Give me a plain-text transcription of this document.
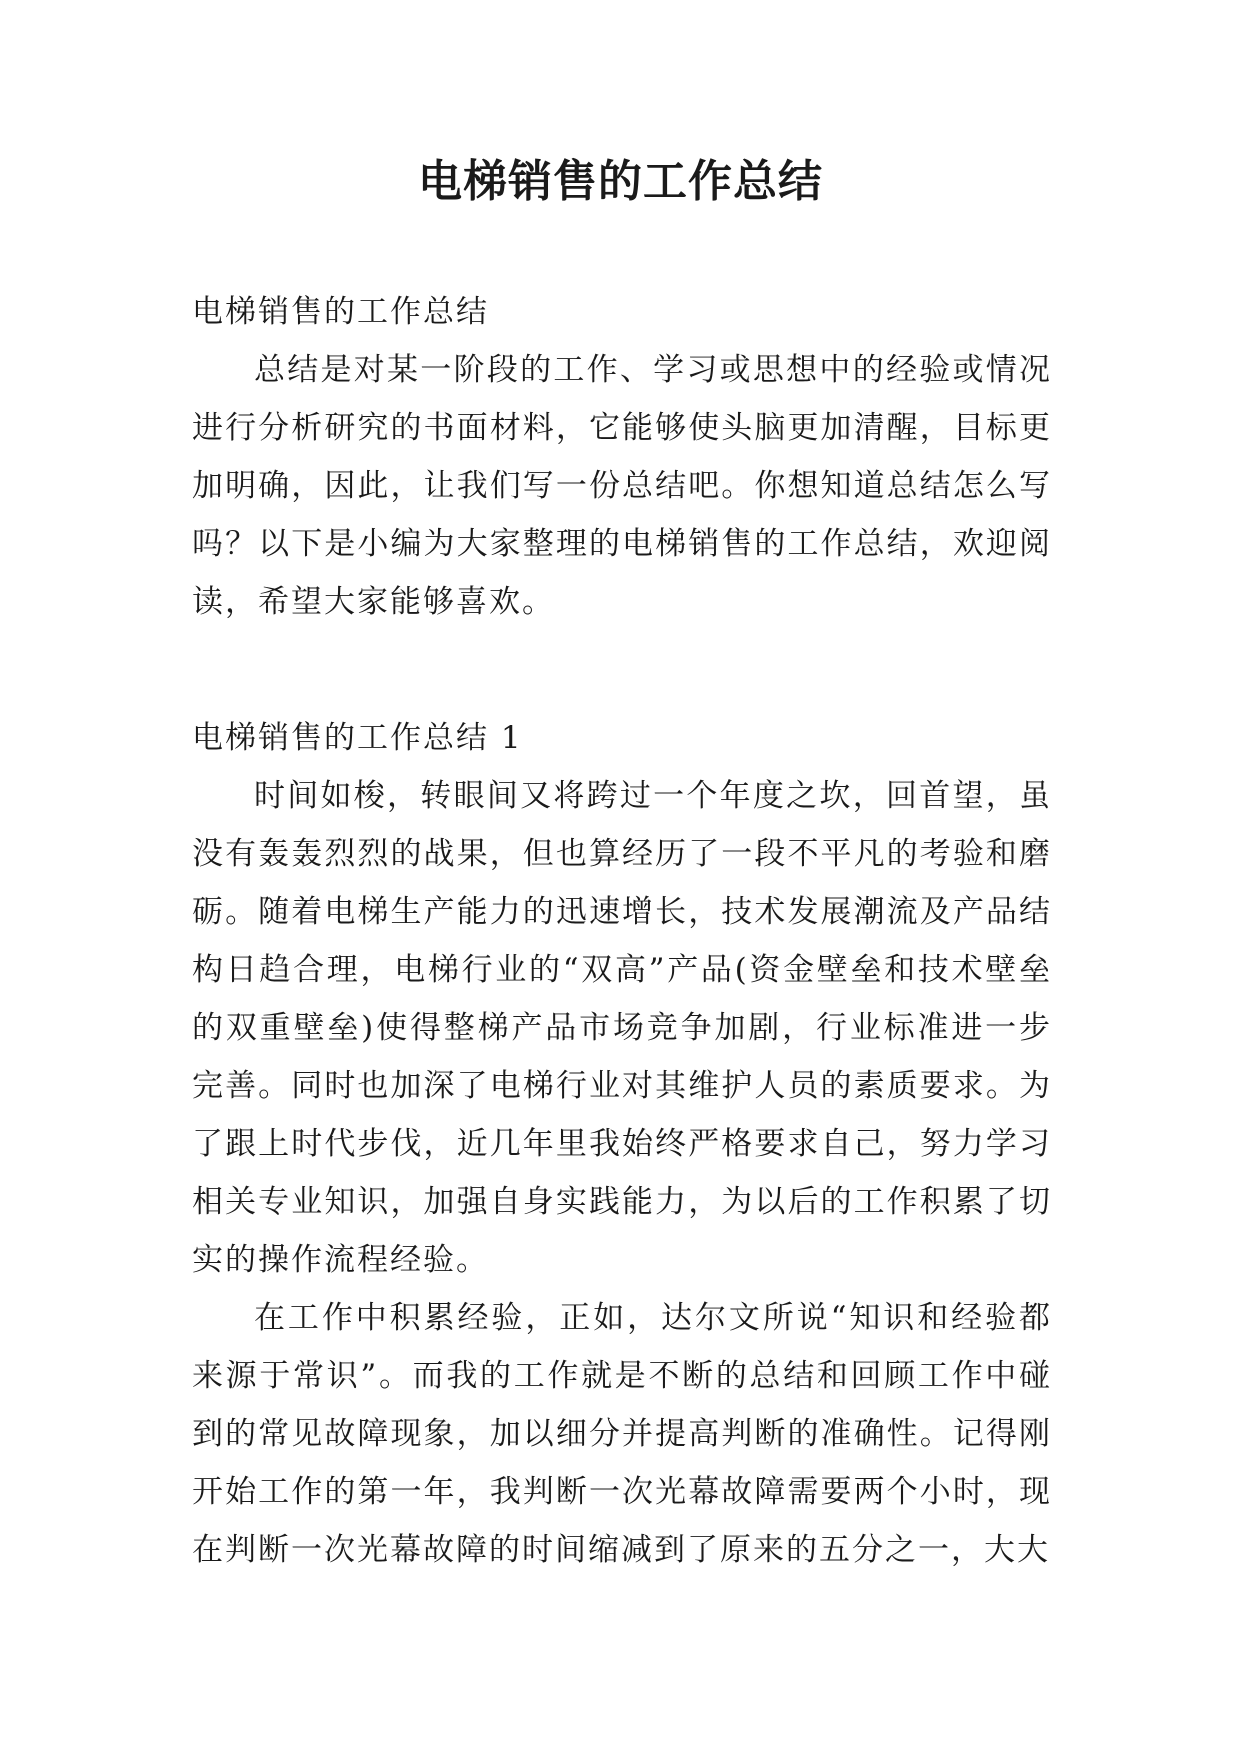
电梯销售的工作总结

电梯销售的工作总结

总结是对某一阶段的工作、学习或思想中的经验或情况进行分析研究的书面材料，它能够使头脑更加清醒，目标更加明确，因此，让我们写一份总结吧。你想知道总结怎么写吗？以下是小编为大家整理的电梯销售的工作总结，欢迎阅读，希望大家能够喜欢。

电梯销售的工作总结 1

时间如梭，转眼间又将跨过一个年度之坎，回首望，虽没有轰轰烈烈的战果，但也算经历了一段不平凡的考验和磨砺。随着电梯生产能力的迅速增长，技术发展潮流及产品结构日趋合理，电梯行业的“双高”产品(资金壁垒和技术壁垒的双重壁垒)使得整梯产品市场竞争加剧，行业标准进一步完善。同时也加深了电梯行业对其维护人员的素质要求。为了跟上时代步伐，近几年里我始终严格要求自己，努力学习相关专业知识，加强自身实践能力，为以后的工作积累了切实的操作流程经验。

在工作中积累经验，正如，达尔文所说“知识和经验都来源于常识”。而我的工作就是不断的总结和回顾工作中碰到的常见故障现象，加以细分并提高判断的准确性。记得刚开始工作的第一年，我判断一次光幕故障需要两个小时，现在判断一次光幕故障的时间缩减到了原来的五分之一，大大
